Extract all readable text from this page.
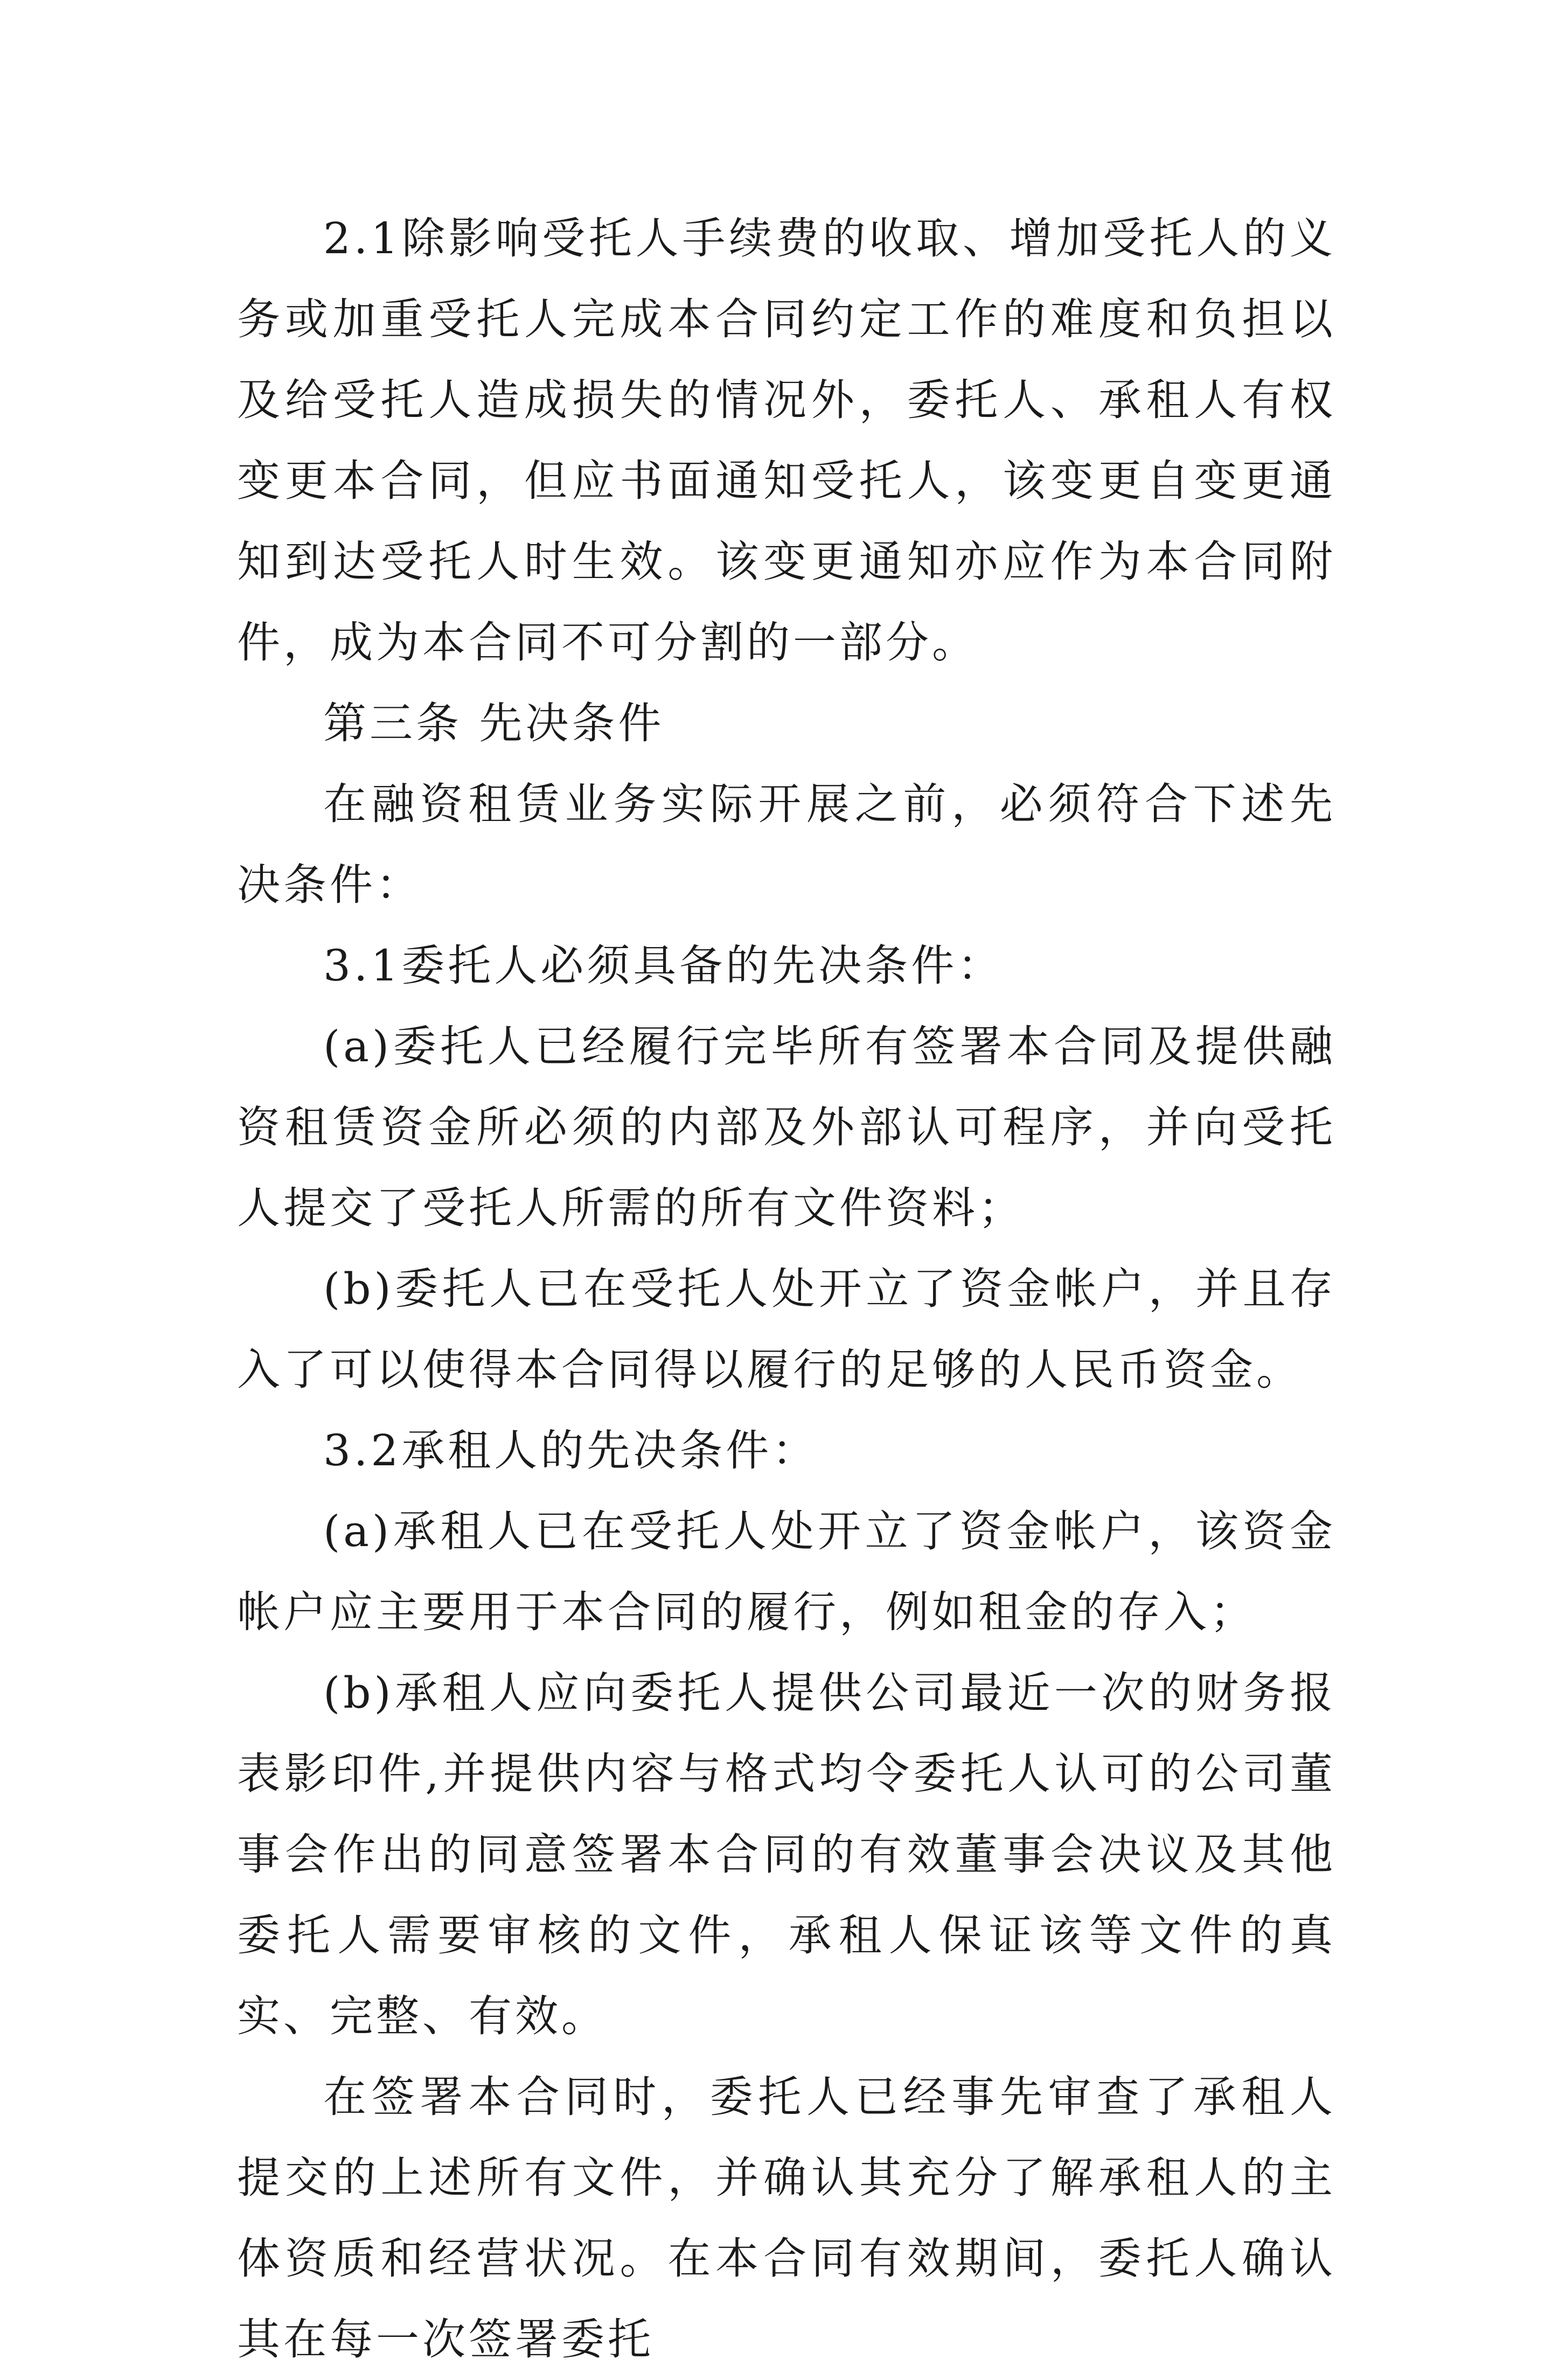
2.1除影响受托人手续费的收取、增加受托人的义务或加重受托人完成本合同约定工作的难度和负担以及给受托人造成损失的情况外，委托人、承租人有权变更本合同，但应书面通知受托人，该变更自变更通知到达受托人时生效。该变更通知亦应作为本合同附件，成为本合同不可分割的一部分。

第三条 先决条件

在融资租赁业务实际开展之前，必须符合下述先决条件：

3.1委托人必须具备的先决条件：

(a)委托人已经履行完毕所有签署本合同及提供融资租赁资金所必须的内部及外部认可程序，并向受托人提交了受托人所需的所有文件资料；

(b)委托人已在受托人处开立了资金帐户，并且存入了可以使得本合同得以履行的足够的人民币资金。

3.2承租人的先决条件：

(a)承租人已在受托人处开立了资金帐户，该资金帐户应主要用于本合同的履行，例如租金的存入；

(b)承租人应向委托人提供公司最近一次的财务报表影印件,并提供内容与格式均令委托人认可的公司董事会作出的同意签署本合同的有效董事会决议及其他委托人需要审核的文件，承租人保证该等文件的真实、完整、有效。

在签署本合同时，委托人已经事先审查了承租人提交的上述所有文件，并确认其充分了解承租人的主体资质和经营状况。在本合同有效期间，委托人确认其在每一次签署委托
